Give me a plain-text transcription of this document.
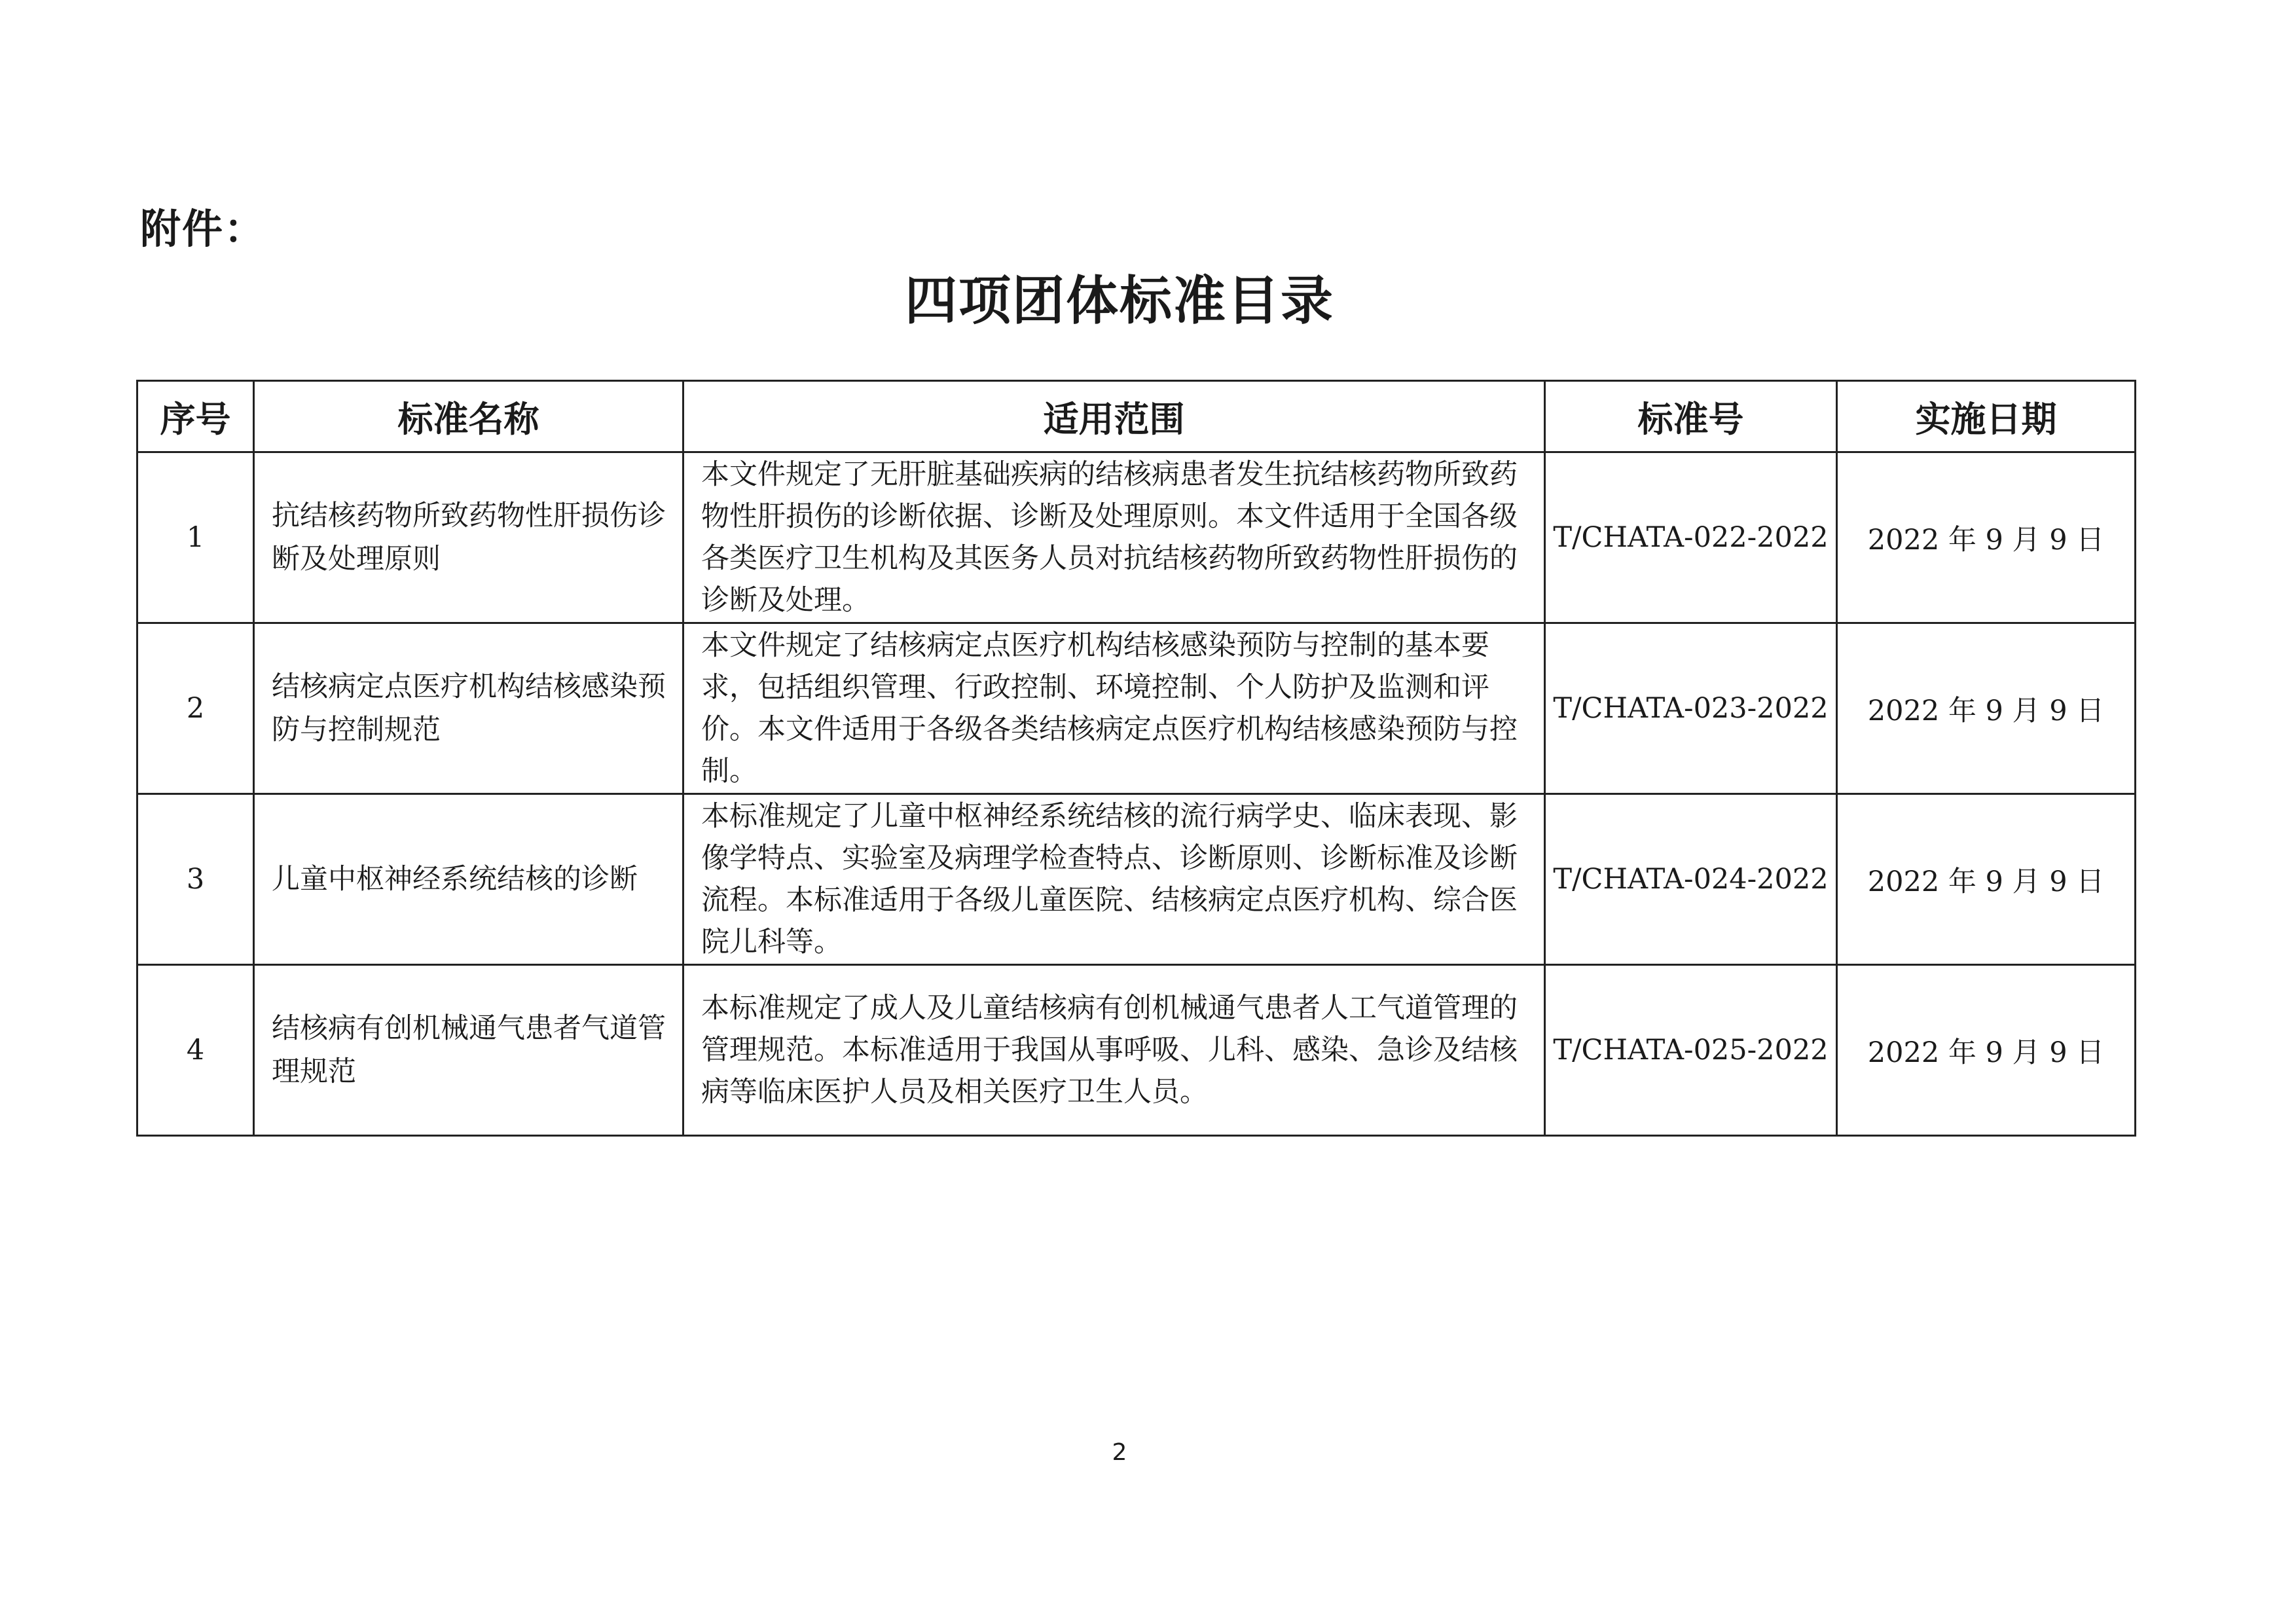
附件：
四项团体标准目录
序号	标准名称	适用范围	标准号	实施日期
1	抗结核药物所致药物性肝损伤诊断及处理原则	本文件规定了无肝脏基础疾病的结核病患者发生抗结核药物所致药物性肝损伤的诊断依据、诊断及处理原则。本文件适用于全国各级各类医疗卫生机构及其医务人员对抗结核药物所致药物性肝损伤的诊断及处理。	T/CHATA-022-2022	2022 年 9 月 9 日
2	结核病定点医疗机构结核感染预防与控制规范	本文件规定了结核病定点医疗机构结核感染预防与控制的基本要求，包括组织管理、行政控制、环境控制、个人防护及监测和评价。本文件适用于各级各类结核病定点医疗机构结核感染预防与控制。	T/CHATA-023-2022	2022 年 9 月 9 日
3	儿童中枢神经系统结核的诊断	本标准规定了儿童中枢神经系统结核的流行病学史、临床表现、影像学特点、实验室及病理学检查特点、诊断原则、诊断标准及诊断流程。本标准适用于各级儿童医院、结核病定点医疗机构、综合医院儿科等。	T/CHATA-024-2022	2022 年 9 月 9 日
4	结核病有创机械通气患者气道管理规范	本标准规定了成人及儿童结核病有创机械通气患者人工气道管理的管理规范。本标准适用于我国从事呼吸、儿科、感染、急诊及结核病等临床医护人员及相关医疗卫生人员。	T/CHATA-025-2022	2022 年 9 月 9 日
2
